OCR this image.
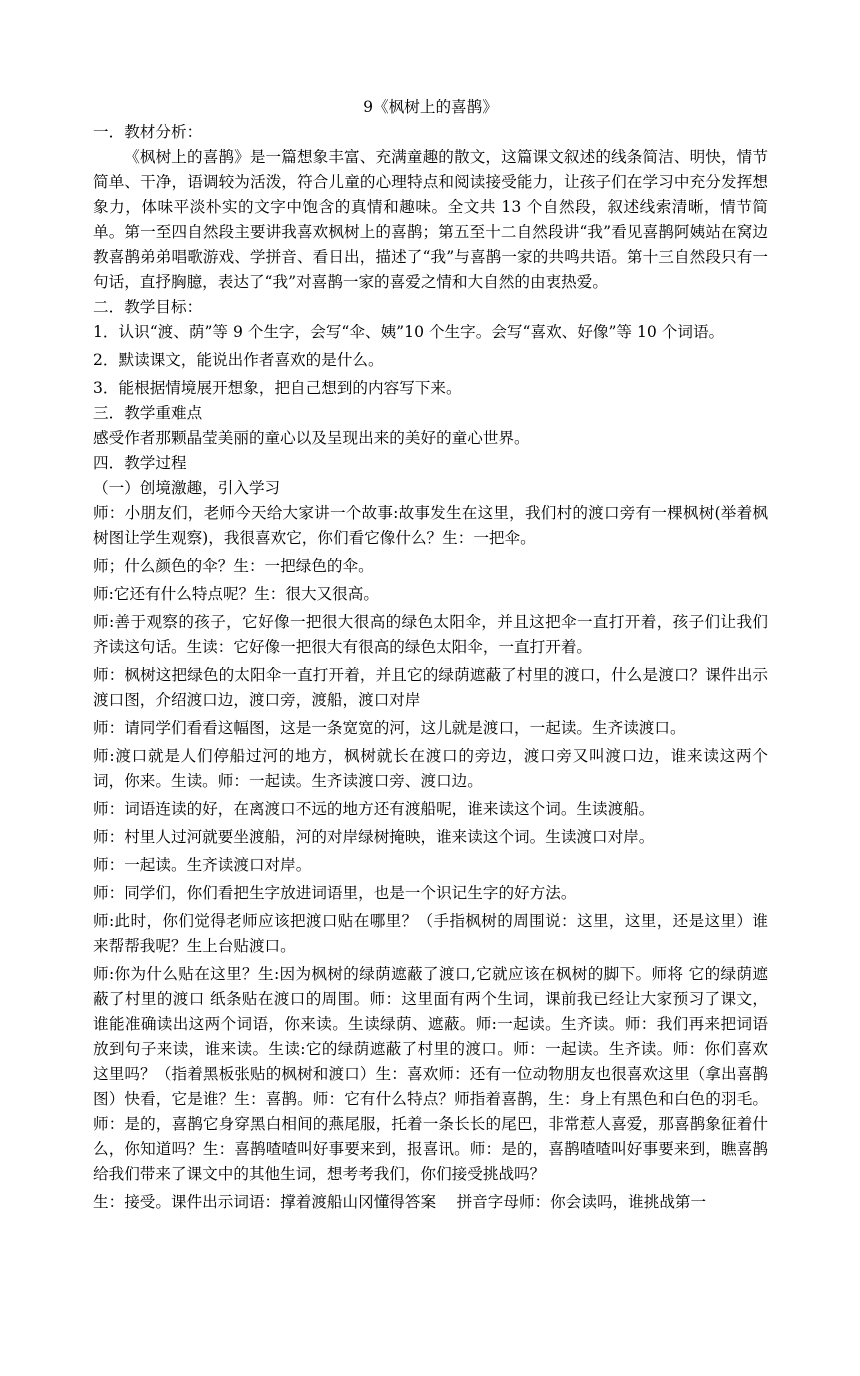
9《枫树上的喜鹊》

一．教材分析：

《枫树上的喜鹊》是一篇想象丰富、充满童趣的散文，这篇课文叙述的线条简洁、明快，情节简单、干净，语调较为活泼，符合儿童的心理特点和阅读接受能力，让孩子们在学习中充分发挥想象力，体味平淡朴实的文字中饱含的真情和趣味。全文共 13 个自然段，叙述线索清晰，情节简单。第一至四自然段主要讲我喜欢枫树上的喜鹊；第五至十二自然段讲“我”看见喜鹊阿姨站在窝边教喜鹊弟弟唱歌游戏、学拼音、看日出，描述了“我”与喜鹊一家的共鸣共语。第十三自然段只有一句话，直抒胸臆，表达了“我”对喜鹊一家的喜爱之情和大自然的由衷热爱。

二．教学目标：

1．认识“渡、荫”等 9 个生字，会写“伞、姨”10 个生字。会写“喜欢、好像”等 10 个词语。

2．默读课文，能说出作者喜欢的是什么。

3．能根据情境展开想象，把自己想到的内容写下来。

三．教学重难点

感受作者那颗晶莹美丽的童心以及呈现出来的美好的童心世界。

四．教学过程

（一）创境激趣，引入学习

师：小朋友们，老师今天给大家讲一个故事:故事发生在这里，我们村的渡口旁有一棵枫树(举着枫树图让学生观察)，我很喜欢它，你们看它像什么？生：一把伞。

师；什么颜色的伞？生：一把绿色的伞。

师:它还有什么特点呢？生：很大又很高。

师:善于观察的孩子，它好像一把很大很高的绿色太阳伞，并且这把伞一直打开着，孩子们让我们齐读这句话。生读：它好像一把很大有很高的绿色太阳伞，一直打开着。

师：枫树这把绿色的太阳伞一直打开着，并且它的绿荫遮蔽了村里的渡口，什么是渡口？课件出示渡口图，介绍渡口边，渡口旁，渡船，渡口对岸

师：请同学们看看这幅图，这是一条宽宽的河，这儿就是渡口，一起读。生齐读渡口。

师:渡口就是人们停船过河的地方，枫树就长在渡口的旁边，渡口旁又叫渡口边，谁来读这两个词，你来。生读。师：一起读。生齐读渡口旁、渡口边。

师：词语连读的好，在离渡口不远的地方还有渡船呢，谁来读这个词。生读渡船。

师：村里人过河就要坐渡船，河的对岸绿树掩映，谁来读这个词。生读渡口对岸。

师：一起读。生齐读渡口对岸。

师：同学们，你们看把生字放进词语里，也是一个识记生字的好方法。

师:此时，你们觉得老师应该把渡口贴在哪里？（手指枫树的周围说：这里，这里，还是这里）谁来帮帮我呢？生上台贴渡口。

师:你为什么贴在这里？生:因为枫树的绿荫遮蔽了渡口,它就应该在枫树的脚下。师将 它的绿荫遮蔽了村里的渡口 纸条贴在渡口的周围。师：这里面有两个生词，课前我已经让大家预习了课文，谁能准确读出这两个词语，你来读。生读绿荫、遮蔽。师:一起读。生齐读。师：我们再来把词语放到句子来读，谁来读。生读:它的绿荫遮蔽了村里的渡口。师：一起读。生齐读。师：你们喜欢这里吗？（指着黑板张贴的枫树和渡口）生：喜欢师：还有一位动物朋友也很喜欢这里（拿出喜鹊图）快看，它是谁？生：喜鹊。师：它有什么特点？师指着喜鹊，生：身上有黑色和白色的羽毛。师：是的，喜鹊它身穿黑白相间的燕尾服，托着一条长长的尾巴，非常惹人喜爱，那喜鹊象征着什么，你知道吗？生：喜鹊喳喳叫好事要来到，报喜讯。师：是的，喜鹊喳喳叫好事要来到，瞧喜鹊给我们带来了课文中的其他生词，想考考我们，你们接受挑战吗？

生：接受。课件出示词语：撑着渡船山冈懂得答案　 拼音字母师：你会读吗，谁挑战第一
